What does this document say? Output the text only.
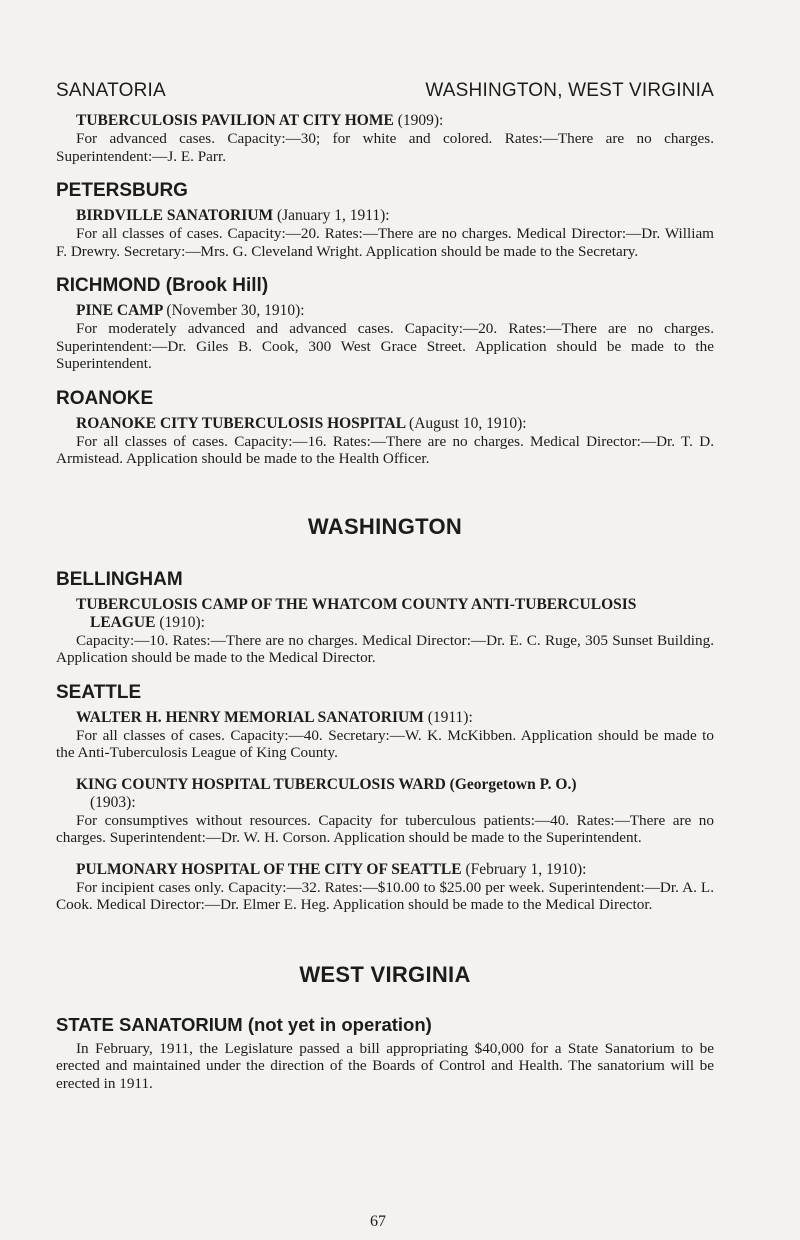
SANATORIA	WASHINGTON, WEST VIRGINIA

TUBERCULOSIS PAVILION AT CITY HOME (1909):

For advanced cases. Capacity:—30; for white and colored. Rates:—There are no charges. Superintendent:—J. E. Parr.

PETERSBURG

BIRDVILLE SANATORIUM (January 1, 1911):

For all classes of cases. Capacity:—20. Rates:—There are no charges. Medical Director:—Dr. William F. Drewry. Secretary:—Mrs. G. Cleveland Wright. Application should be made to the Secretary.

RICHMOND (Brook Hill)

PINE CAMP (November 30, 1910):

For moderately advanced and advanced cases. Capacity:—20. Rates:—There are no charges. Superintendent:—Dr. Giles B. Cook, 300 West Grace Street. Application should be made to the Superintendent.

ROANOKE

ROANOKE CITY TUBERCULOSIS HOSPITAL (August 10, 1910):

For all classes of cases. Capacity:—16. Rates:—There are no charges. Medical Director:—Dr. T. D. Armistead. Application should be made to the Health Officer.

WASHINGTON

BELLINGHAM

TUBERCULOSIS CAMP OF THE WHATCOM COUNTY ANTI-TUBERCULOSIS
LEAGUE (1910):

Capacity:—10. Rates:—There are no charges. Medical Director:—Dr. E. C. Ruge, 305 Sunset Building. Application should be made to the Medical Director.

SEATTLE

WALTER H. HENRY MEMORIAL SANATORIUM (1911):

For all classes of cases. Capacity:—40. Secretary:—W. K. McKibben. Application should be made to the Anti-Tuberculosis League of King County.

KING COUNTY HOSPITAL TUBERCULOSIS WARD (Georgetown P. O.)
(1903):

For consumptives without resources. Capacity for tuberculous patients:—40. Rates:—There are no charges. Superintendent:—Dr. W. H. Corson. Application should be made to the Superintendent.

PULMONARY HOSPITAL OF THE CITY OF SEATTLE (February 1, 1910):

For incipient cases only. Capacity:—32. Rates:—$10.00 to $25.00 per week. Superintendent:—Dr. A. L. Cook. Medical Director:—Dr. Elmer E. Heg. Application should be made to the Medical Director.

WEST VIRGINIA

STATE SANATORIUM (not yet in operation)

In February, 1911, the Legislature passed a bill appropriating $40,000 for a State Sanatorium to be erected and maintained under the direction of the Boards of Control and Health. The sanatorium will be erected in 1911.

67
